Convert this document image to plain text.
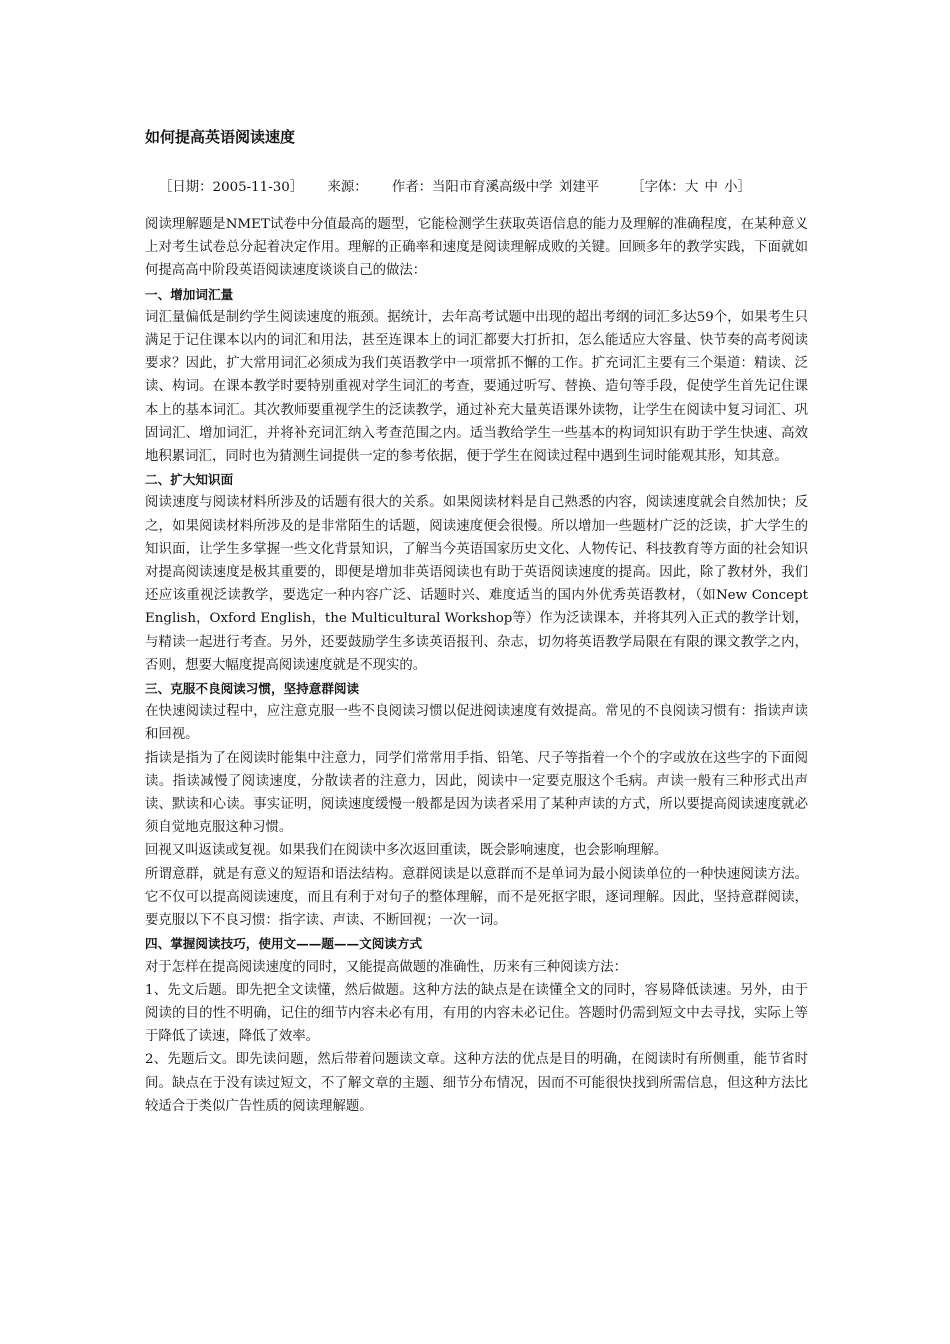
如何提高英语阅读速度
［日期：2005-11-30］ 来源： 作者：当阳市育溪高级中学 刘建平 ［字体：大 中 小］

阅读理解题是NMET试卷中分值最高的题型，它能检测学生获取英语信息的能力及理解的准确程度，在某种意义上对考生试卷总分起着决定作用。理解的正确率和速度是阅读理解成败的关键。回顾多年的教学实践，下面就如何提高高中阶段英语阅读速度谈谈自己的做法：

一、增加词汇量

词汇量偏低是制约学生阅读速度的瓶颈。据统计，去年高考试题中出现的超出考纲的词汇多达59个，如果考生只满足于记住课本以内的词汇和用法，甚至连课本上的词汇都要大打折扣，怎么能适应大容量、快节奏的高考阅读要求？因此，扩大常用词汇必须成为我们英语教学中一项常抓不懈的工作。扩充词汇主要有三个渠道：精读、泛读、构词。在课本教学时要特别重视对学生词汇的考查，要通过听写、替换、造句等手段，促使学生首先记住课本上的基本词汇。其次教师要重视学生的泛读教学，通过补充大量英语课外读物，让学生在阅读中复习词汇、巩固词汇、增加词汇，并将补充词汇纳入考查范围之内。适当教给学生一些基本的构词知识有助于学生快速、高效地积累词汇，同时也为猜测生词提供一定的参考依据，便于学生在阅读过程中遇到生词时能观其形，知其意。

二、扩大知识面

阅读速度与阅读材料所涉及的话题有很大的关系。如果阅读材料是自己熟悉的内容，阅读速度就会自然加快；反之，如果阅读材料所涉及的是非常陌生的话题，阅读速度便会很慢。所以增加一些题材广泛的泛读，扩大学生的知识面，让学生多掌握一些文化背景知识，了解当今英语国家历史文化、人物传记、科技教育等方面的社会知识对提高阅读速度是极其重要的，即便是增加非英语阅读也有助于英语阅读速度的提高。因此，除了教材外，我们还应该重视泛读教学，要选定一种内容广泛、话题时兴、难度适当的国内外优秀英语教材，（如New Concept English，Oxford English，the Multicultural Workshop等）作为泛读课本，并将其列入正式的教学计划，与精读一起进行考查。另外，还要鼓励学生多读英语报刊、杂志，切勿将英语教学局限在有限的课文教学之内，否则，想要大幅度提高阅读速度就是不现实的。

三、克服不良阅读习惯，坚持意群阅读

在快速阅读过程中，应注意克服一些不良阅读习惯以促进阅读速度有效提高。常见的不良阅读习惯有：指读声读和回视。

指读是指为了在阅读时能集中注意力，同学们常常用手指、铅笔、尺子等指着一个个的字或放在这些字的下面阅读。指读减慢了阅读速度，分散读者的注意力，因此，阅读中一定要克服这个毛病。声读一般有三种形式出声读、默读和心读。事实证明，阅读速度缓慢一般都是因为读者采用了某种声读的方式，所以要提高阅读速度就必须自觉地克服这种习惯。

回视又叫返读或复视。如果我们在阅读中多次返回重读，既会影响速度，也会影响理解。

所谓意群，就是有意义的短语和语法结构。意群阅读是以意群而不是单词为最小阅读单位的一种快速阅读方法。它不仅可以提高阅读速度，而且有利于对句子的整体理解，而不是死抠字眼，逐词理解。因此，坚持意群阅读，要克服以下不良习惯：指字读、声读、不断回视；一次一词。

四、掌握阅读技巧，使用文——题——文阅读方式

对于怎样在提高阅读速度的同时，又能提高做题的准确性，历来有三种阅读方法：

1、先文后题。即先把全文读懂，然后做题。这种方法的缺点是在读懂全文的同时，容易降低读速。另外，由于阅读的目的性不明确，记住的细节内容未必有用，有用的内容未必记住。答题时仍需到短文中去寻找，实际上等于降低了读速，降低了效率。

2、先题后文。即先读问题，然后带着问题读文章。这种方法的优点是目的明确，在阅读时有所侧重，能节省时间。缺点在于没有读过短文，不了解文章的主题、细节分布情况，因而不可能很快找到所需信息，但这种方法比较适合于类似广告性质的阅读理解题。
